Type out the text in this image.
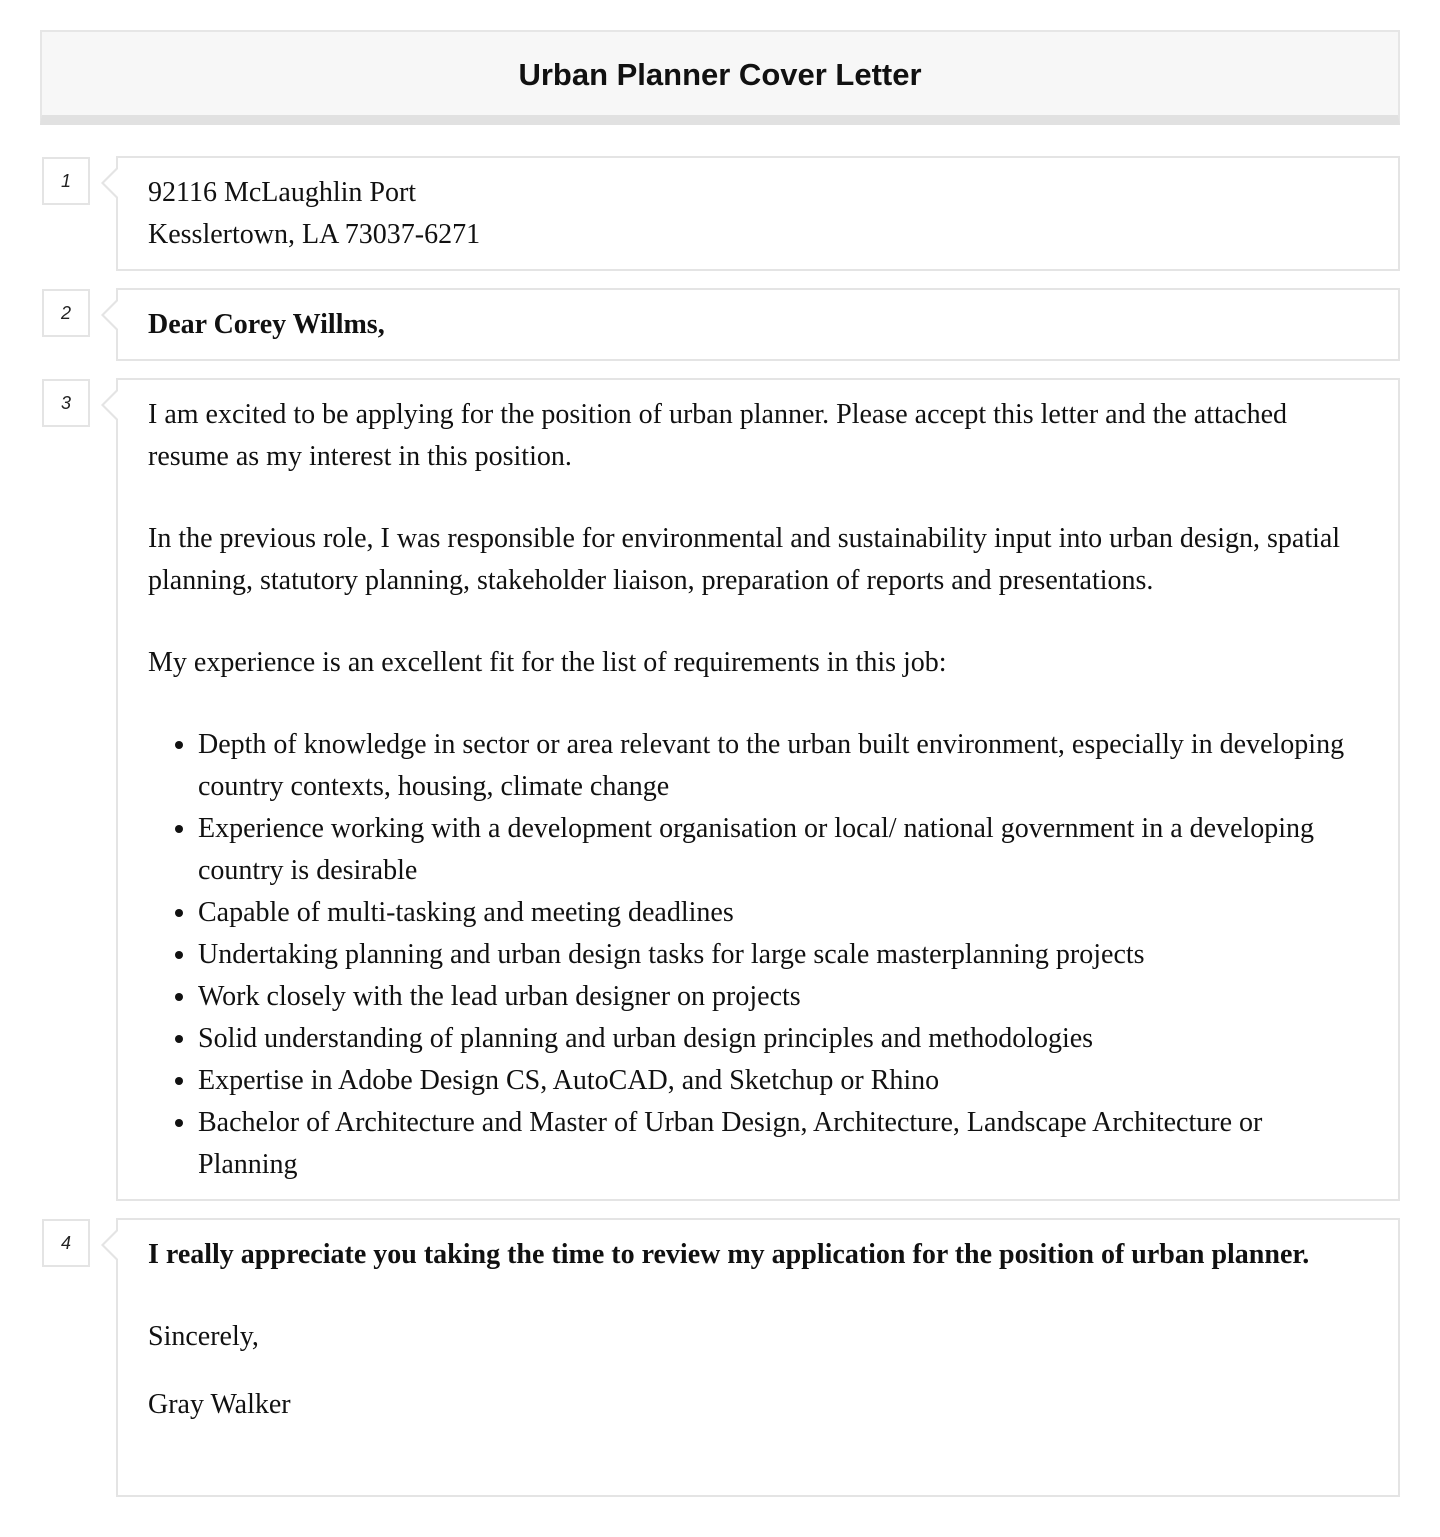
Urban Planner Cover Letter
1	92116 McLaughlin Port
Kesslertown, LA 73037-6271
2	Dear Corey Willms,
3	I am excited to be applying for the position of urban planner. Please accept this letter and the attached resume as my interest in this position.

In the previous role, I was responsible for environmental and sustainability input into urban design, spatial planning, statutory planning, stakeholder liaison, preparation of reports and presentations.

My experience is an excellent fit for the list of requirements in this job:

• Depth of knowledge in sector or area relevant to the urban built environment, especially in developing country contexts, housing, climate change
• Experience working with a development organisation or local/ national government in a developing country is desirable
• Capable of multi-tasking and meeting deadlines
• Undertaking planning and urban design tasks for large scale masterplanning projects
• Work closely with the lead urban designer on projects
• Solid understanding of planning and urban design principles and methodologies
• Expertise in Adobe Design CS, AutoCAD, and Sketchup or Rhino
• Bachelor of Architecture and Master of Urban Design, Architecture, Landscape Architecture or Planning
4	I really appreciate you taking the time to review my application for the position of urban planner.

Sincerely,

Gray Walker
